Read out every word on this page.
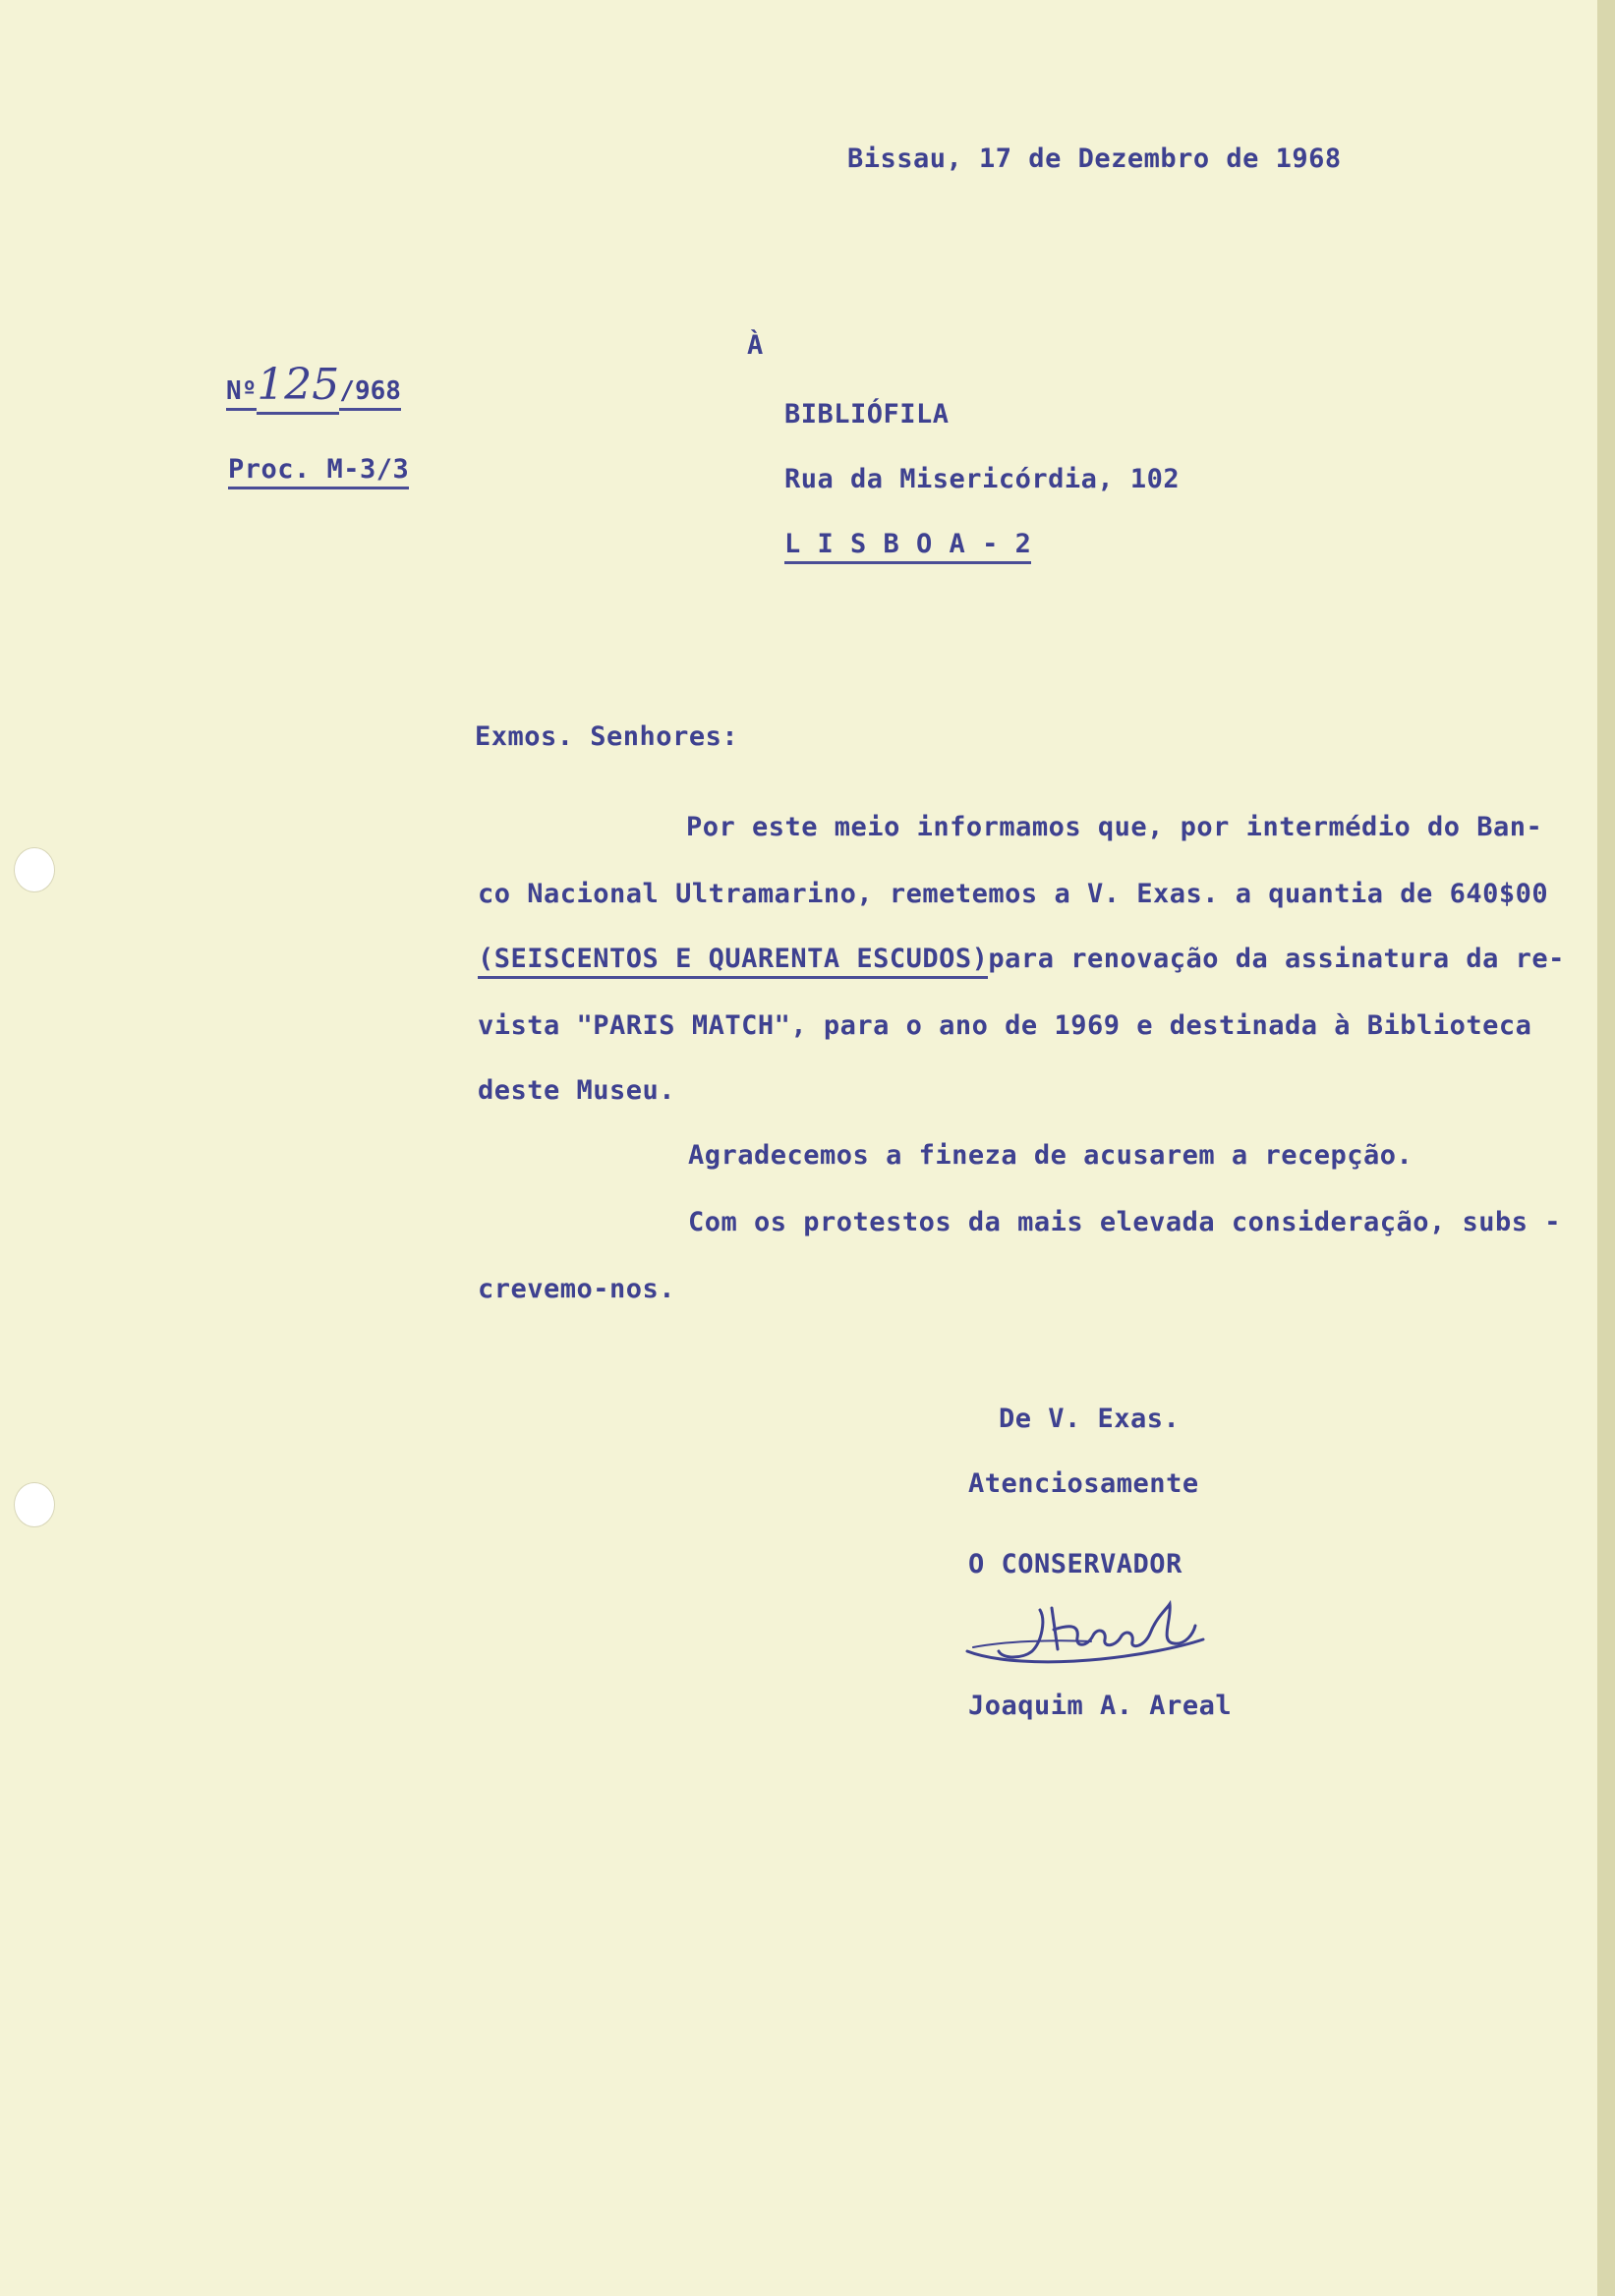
Bissau, 17 de Dezembro de 1968
Nº125/968
Proc. M-3/3
À
BIBLIÓFILA
Rua da Misericórdia, 102
L I S B O A - 2
Exmos. Senhores:
Por este meio informamos que, por intermédio do Ban-
co Nacional Ultramarino, remetemos a V. Exas. a quantia de 640$00
(SEISCENTOS E QUARENTA ESCUDOS)para renovação da assinatura da re-
vista "PARIS MATCH", para o ano de 1969 e destinada à Biblioteca
deste Museu.
Agradecemos a fineza de acusarem a recepção.
Com os protestos da mais elevada consideração, subs -
crevemo-nos.
De V. Exas.
Atenciosamente
O CONSERVADOR
Joaquim A. Areal
